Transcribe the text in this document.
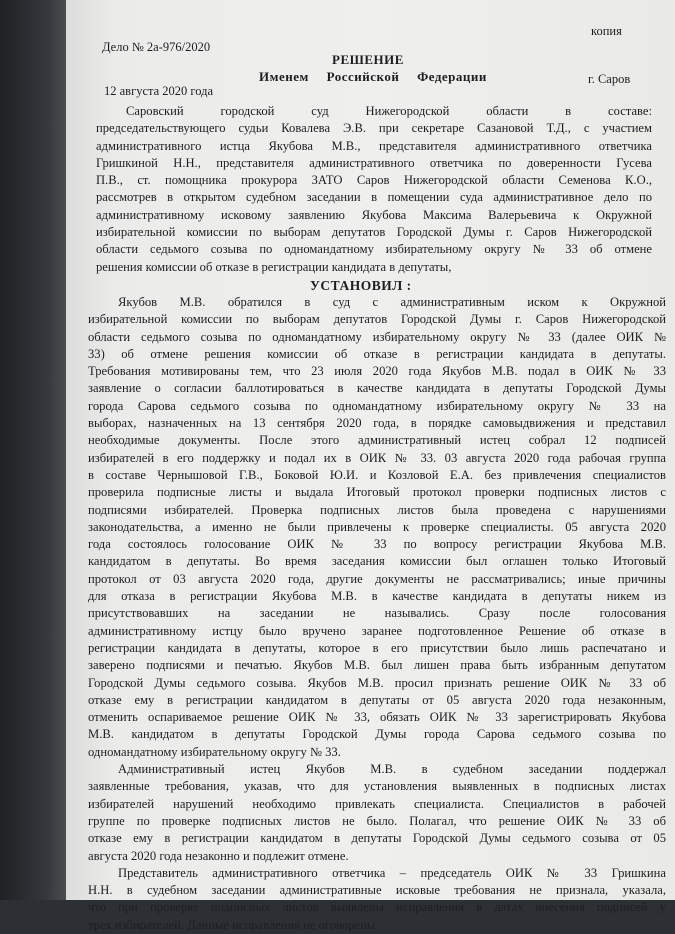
копия
Дело № 2а-976/2020
РЕШЕНИЕ
Именем Российской Федерации
12 августа 2020 года
г. Саров
Саровский городской суд Нижегородской области в составе:
председательствующего судьи Ковалева Э.В. при секретаре Сазановой Т.Д., с участием
административного истца Якубова М.В., представителя административного ответчика
Гришкиной Н.Н., представителя административного ответчика по доверенности Гусева
П.В., ст. помощника прокурора ЗАТО Саров Нижегородской области Семенова К.О.,
рассмотрев в открытом судебном заседании в помещении суда административное дело по
административному исковому заявлению Якубова Максима Валерьевича к Окружной
избирательной комиссии по выборам депутатов Городской Думы г. Саров Нижегородской
области седьмого созыва по одномандатному избирательному округу № 33 об отмене
решения комиссии об отказе в регистрации кандидата в депутаты,
УСТАНОВИЛ :
Якубов М.В. обратился в суд с административным иском к Окружной
избирательной комиссии по выборам депутатов Городской Думы г. Саров Нижегородской
области седьмого созыва по одномандатному избирательному округу № 33 (далее ОИК №
33) об отмене решения комиссии об отказе в регистрации кандидата в депутаты.
Требования мотивированы тем, что 23 июля 2020 года Якубов М.В. подал в ОИК № 33
заявление о согласии баллотироваться в качестве кандидата в депутаты Городской Думы
города Сарова седьмого созыва по одномандатному избирательному округу № 33 на
выборах, назначенных на 13 сентября 2020 года, в порядке самовыдвижения и представил
необходимые документы. После этого административный истец собрал 12 подписей
избирателей в его поддержку и подал их в ОИК № 33. 03 августа 2020 года рабочая группа
в составе Чернышовой Г.В., Боковой Ю.И. и Козловой Е.А. без привлечения специалистов
проверила подписные листы и выдала Итоговый протокол проверки подписных листов с
подписями избирателей. Проверка подписных листов была проведена с нарушениями
законодательства, а именно не были привлечены к проверке специалисты. 05 августа 2020
года состоялось голосование ОИК № 33 по вопросу регистрации Якубова М.В.
кандидатом в депутаты. Во время заседания комиссии был оглашен только Итоговый
протокол от 03 августа 2020 года, другие документы не рассматривались; иные причины
для отказа в регистрации Якубова М.В. в качестве кандидата в депутаты никем из
присутствовавших на заседании не назывались. Сразу после голосования
административному истцу было вручено заранее подготовленное Решение об отказе в
регистрации кандидата в депутаты, которое в его присутствии было лишь распечатано и
заверено подписями и печатью. Якубов М.В. был лишен права быть избранным депутатом
Городской Думы седьмого созыва. Якубов М.В. просил признать решение ОИК № 33 об
отказе ему в регистрации кандидатом в депутаты от 05 августа 2020 года незаконным,
отменить оспариваемое решение ОИК № 33, обязать ОИК № 33 зарегистрировать Якубова
М.В. кандидатом в депутаты Городской Думы города Сарова седьмого созыва по
одномандатному избирательному округу № 33.
Административный истец Якубов М.В. в судебном заседании поддержал
заявленные требования, указав, что для установления выявленных в подписных листах
избирателей нарушений необходимо привлекать специалиста. Специалистов в рабочей
группе по проверке подписных листов не было. Полагал, что решение ОИК № 33 об
отказе ему в регистрации кандидатом в депутаты Городской Думы седьмого созыва от 05
августа 2020 года незаконно и подлежит отмене.
Представитель административного ответчика – председатель ОИК № 33 Гришкина
Н.Н. в судебном заседании административные исковые требования не признала, указала,
что при проверке подписных листов выявлены исправления в датах внесения подписей у
трех избирателей. Данные исправления не оговорены
